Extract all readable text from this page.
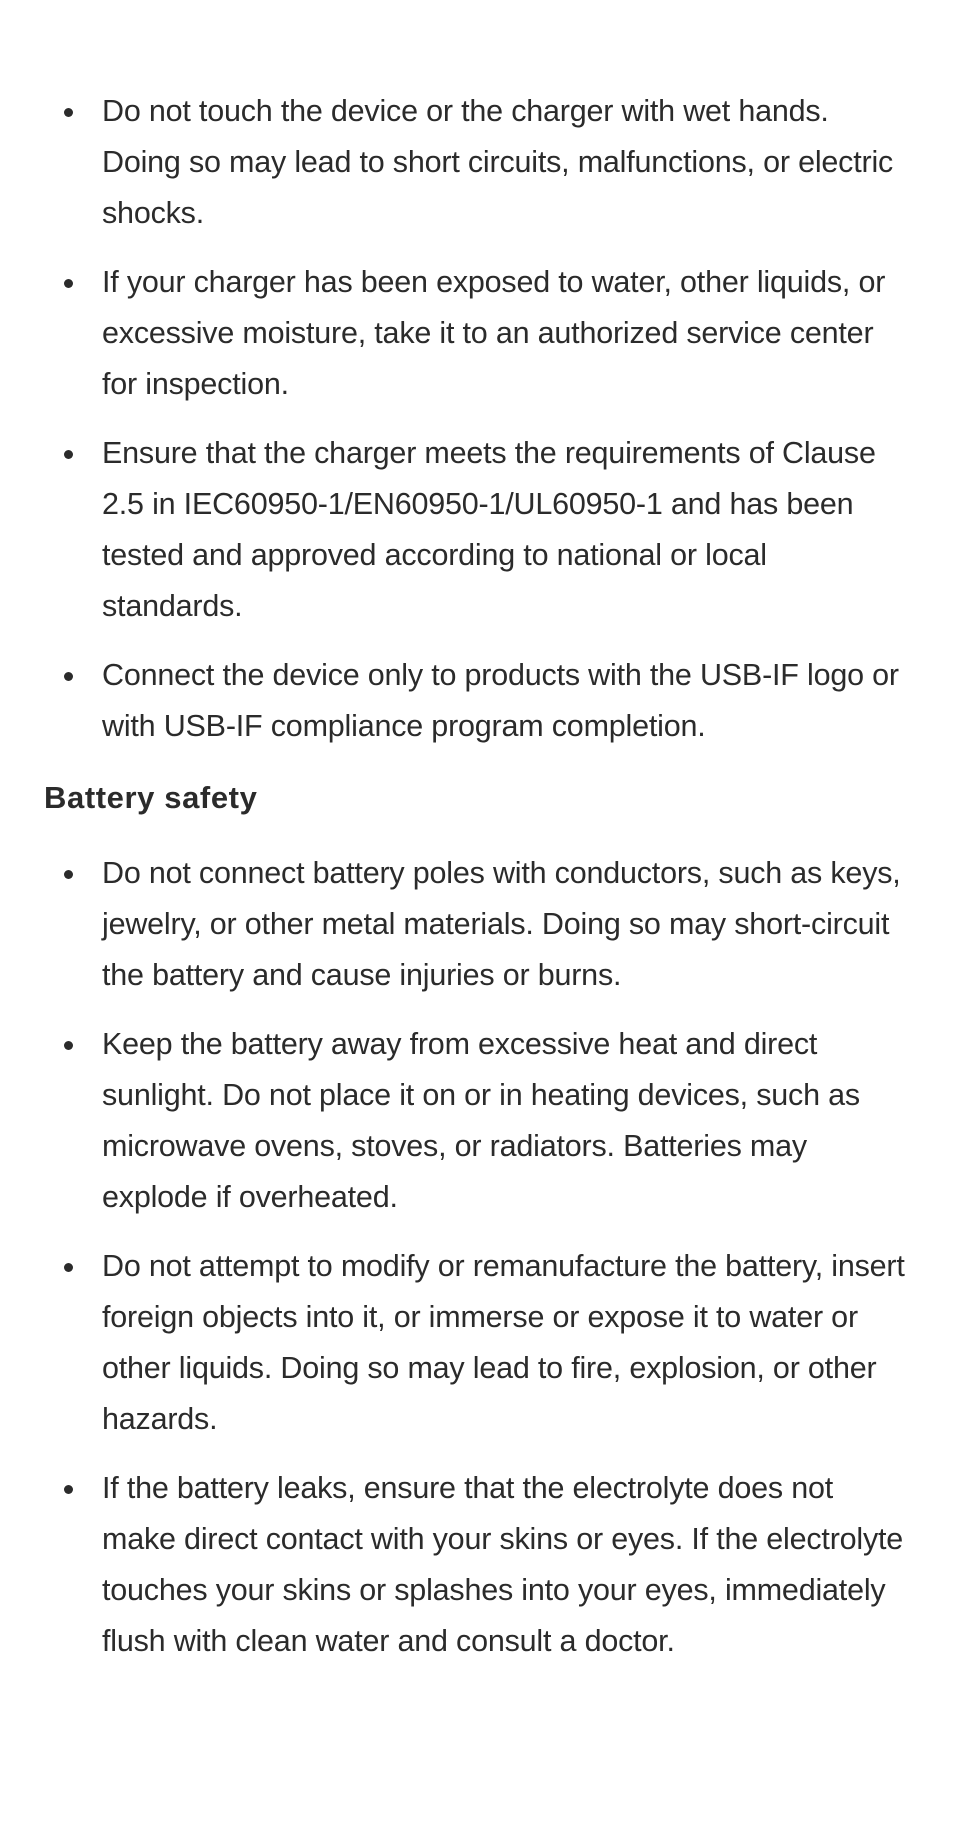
Do not touch the device or the charger with wet hands. Doing so may lead to short circuits, malfunctions, or electric shocks.
If your charger has been exposed to water, other liquids, or excessive moisture, take it to an authorized service center for inspection.
Ensure that the charger meets the requirements of Clause 2.5 in IEC60950-1/EN60950-1/UL60950-1 and has been tested and approved according to national or local standards.
Connect the device only to products with the USB-IF logo or with USB-IF compliance program completion.
Battery safety
Do not connect battery poles with conductors, such as keys, jewelry, or other metal materials. Doing so may short-circuit the battery and cause injuries or burns.
Keep the battery away from excessive heat and direct sunlight. Do not place it on or in heating devices, such as microwave ovens, stoves, or radiators. Batteries may explode if overheated.
Do not attempt to modify or remanufacture the battery, insert foreign objects into it, or immerse or expose it to water or other liquids. Doing so may lead to fire, explosion, or other hazards.
If the battery leaks, ensure that the electrolyte does not make direct contact with your skins or eyes. If the electrolyte touches your skins or splashes into your eyes, immediately flush with clean water and consult a doctor.
